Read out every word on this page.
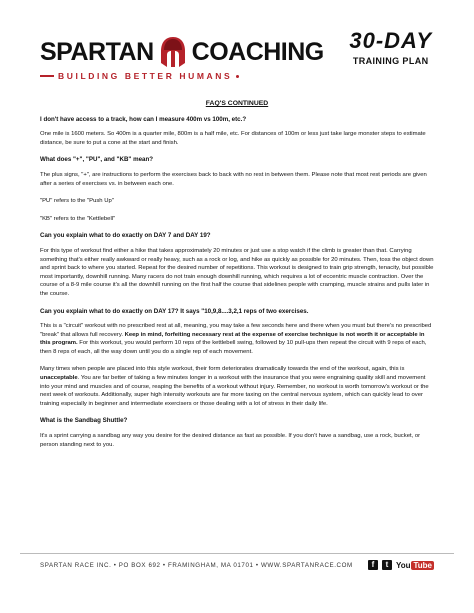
SPARTAN COACHING
BUILDING BETTER HUMANS
30-DAY
TRAINING PLAN
FAQ'S CONTINUED
I don't have access to a track, how can I measure 400m vs 100m, etc.?
One mile is 1600 meters. So 400m is a quarter mile, 800m is a half mile, etc. For distances of 100m or less just take large monster steps to estimate distance, be sure to put a cone at the start and finish.
What does "+", "PU", and "KB" mean?
The plus signs, "+", are instructions to perform the exercises back to back with no rest in between them. Please note that most rest periods are given after a series of exercises vs. in between each one.
"PU" refers to the "Push Up"
"KB" refers to the "Kettlebell"
Can you explain what to do exactly on DAY 7 and DAY 19?
For this type of workout find either a hike that takes approximately 20 minutes or just use a stop watch if the climb is greater than that. Carrying something that's either really awkward or really heavy, such as a rock or log, and hike as quickly as possible for 20 minutes. Then, toss the object down and sprint back to where you started. Repeat for the desired number of repetitions. This workout is designed to train grip strength, tenacity, but possible most importantly, downhill running. Many racers do not train enough downhill running, which requires a lot of eccentric muscle contraction. Over the course of a 8-9 mile course it's all the downhill running on the first half the course that sidelines people with cramping, muscle strains and pulls later in the course.
Can you explain what to do exactly on DAY 17? It says "10,9,8....3,2,1 reps of two exercises.
This is a "circuit" workout with no prescribed rest at all, meaning, you may take a few seconds here and there when you must but there's no prescribed "break" that allows full recovery. Keep in mind, forfeiting necessary rest at the expense of exercise technique is not worth it or acceptable in this program. For this workout, you would perform 10 reps of the kettlebell swing, followed by 10 pull-ups then repeat the circuit with 9 reps of each, then 8 reps of each, all the way down until you do a single rep of each movement.
Many times when people are placed into this style workout, their form deteriorates dramatically towards the end of the workout, again, this is unacceptable. You are far better of taking a few minutes longer in a workout with the insurance that you were engraining quality skill and movement into your mind and muscles and of course, reaping the benefits of a workout without injury. Remember, no workout is worth tomorrow's workout or the next week of workouts. Additionally, super high intensity workouts are far more taxing on the central nervous system, which can quickly lead to over training especially in beginner and intermediate exercisers or those dealing with a lot of stress in their daily life.
What is the Sandbag Shuttle?
It's a sprint carrying a sandbag any way you desire for the desired distance as fast as possible. If you don't have a sandbag, use a rock, bucket, or person standing next to you.
SPARTAN RACE INC. • PO BOX 692 • FRAMINGHAM, MA 01701 • WWW.SPARTANRACE.COM	f	t You Tube
